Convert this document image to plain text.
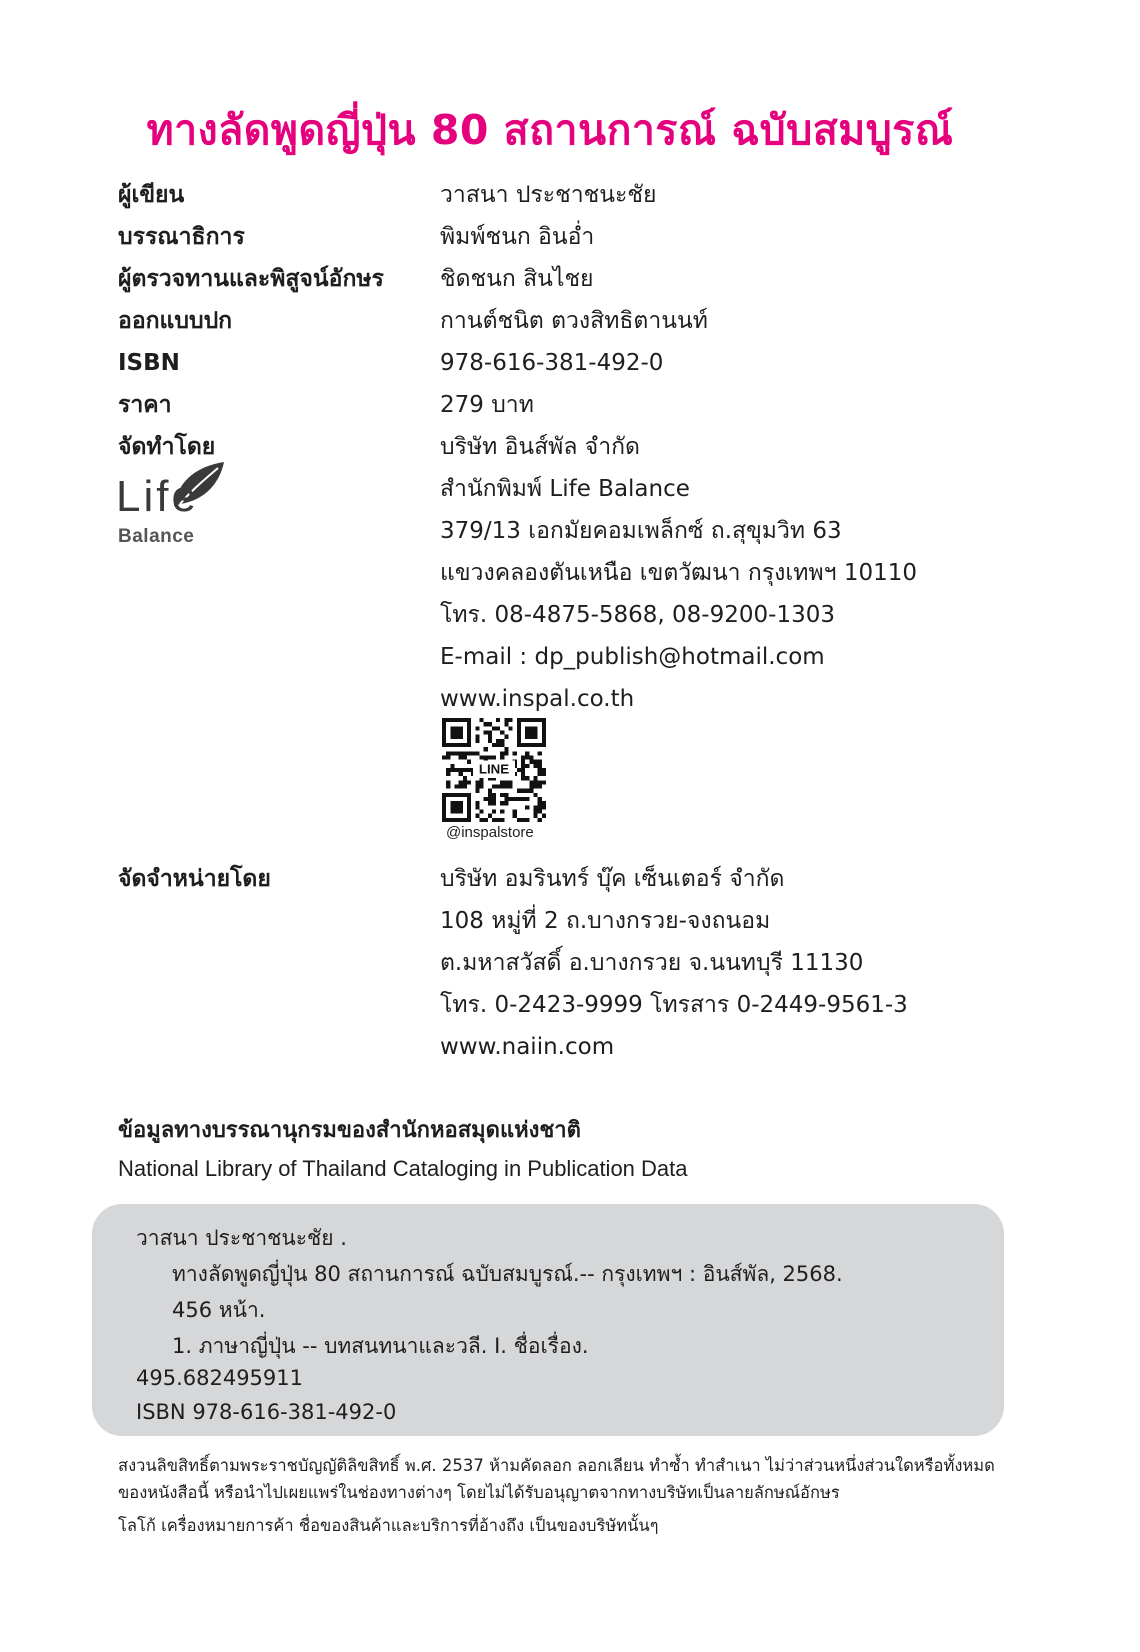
ทางลัดพูดญี่ปุ่น 80 สถานการณ์ ฉบับสมบูรณ์
ผู้เขียน	วาสนา ประชาชนะชัย
บรรณาธิการ	พิมพ์ชนก อินอ่ำ
ผู้ตรวจทานและพิสูจน์อักษร	ชิดชนก สินไชย
ออกแบบปก	กานต์ชนิต ตวงสิทธิตานนท์
ISBN	978-616-381-492-0
ราคา	279 บาท
จัดทำโดย	บริษัท อินส์พัล จำกัด
สำนักพิมพ์ Life Balance
379/13 เอกมัยคอมเพล็กซ์ ถ.สุขุมวิท 63
แขวงคลองตันเหนือ เขตวัฒนา กรุงเทพฯ 10110
โทร. 08-4875-5868, 08-9200-1303
E-mail : dp_publish@hotmail.com
www.inspal.co.th
Life
Balance
LINE
@inspalstore
จัดจำหน่ายโดย	บริษัท อมรินทร์ บุ๊ค เซ็นเตอร์ จำกัด
108 หมู่ที่ 2 ถ.บางกรวย-จงถนอม
ต.มหาสวัสดิ์ อ.บางกรวย จ.นนทบุรี 11130
โทร. 0-2423-9999 โทรสาร 0-2449-9561-3
www.naiin.com
ข้อมูลทางบรรณานุกรมของสำนักหอสมุดแห่งชาติ
National Library of Thailand Cataloging in Publication Data
วาสนา ประชาชนะชัย .
ทางลัดพูดญี่ปุ่น 80 สถานการณ์ ฉบับสมบูรณ์.-- กรุงเทพฯ : อินส์พัล, 2568.
456 หน้า.
1. ภาษาญี่ปุ่น -- บทสนทนาและวลี. I. ชื่อเรื่อง.
495.682495911
ISBN 978-616-381-492-0

สงวนลิขสิทธิ์ตามพระราชบัญญัติลิขสิทธิ์ พ.ศ. 2537 ห้ามคัดลอก ลอกเลียน ทำซ้ำ ทำสำเนา ไม่ว่าส่วนหนึ่งส่วนใดหรือทั้งหมดของหนังสือนี้ หรือนำไปเผยแพร่ในช่องทางต่างๆ โดยไม่ได้รับอนุญาตจากทางบริษัทเป็นลายลักษณ์อักษร

โลโก้ เครื่องหมายการค้า ชื่อของสินค้าและบริการที่อ้างถึง เป็นของบริษัทนั้นๆ
